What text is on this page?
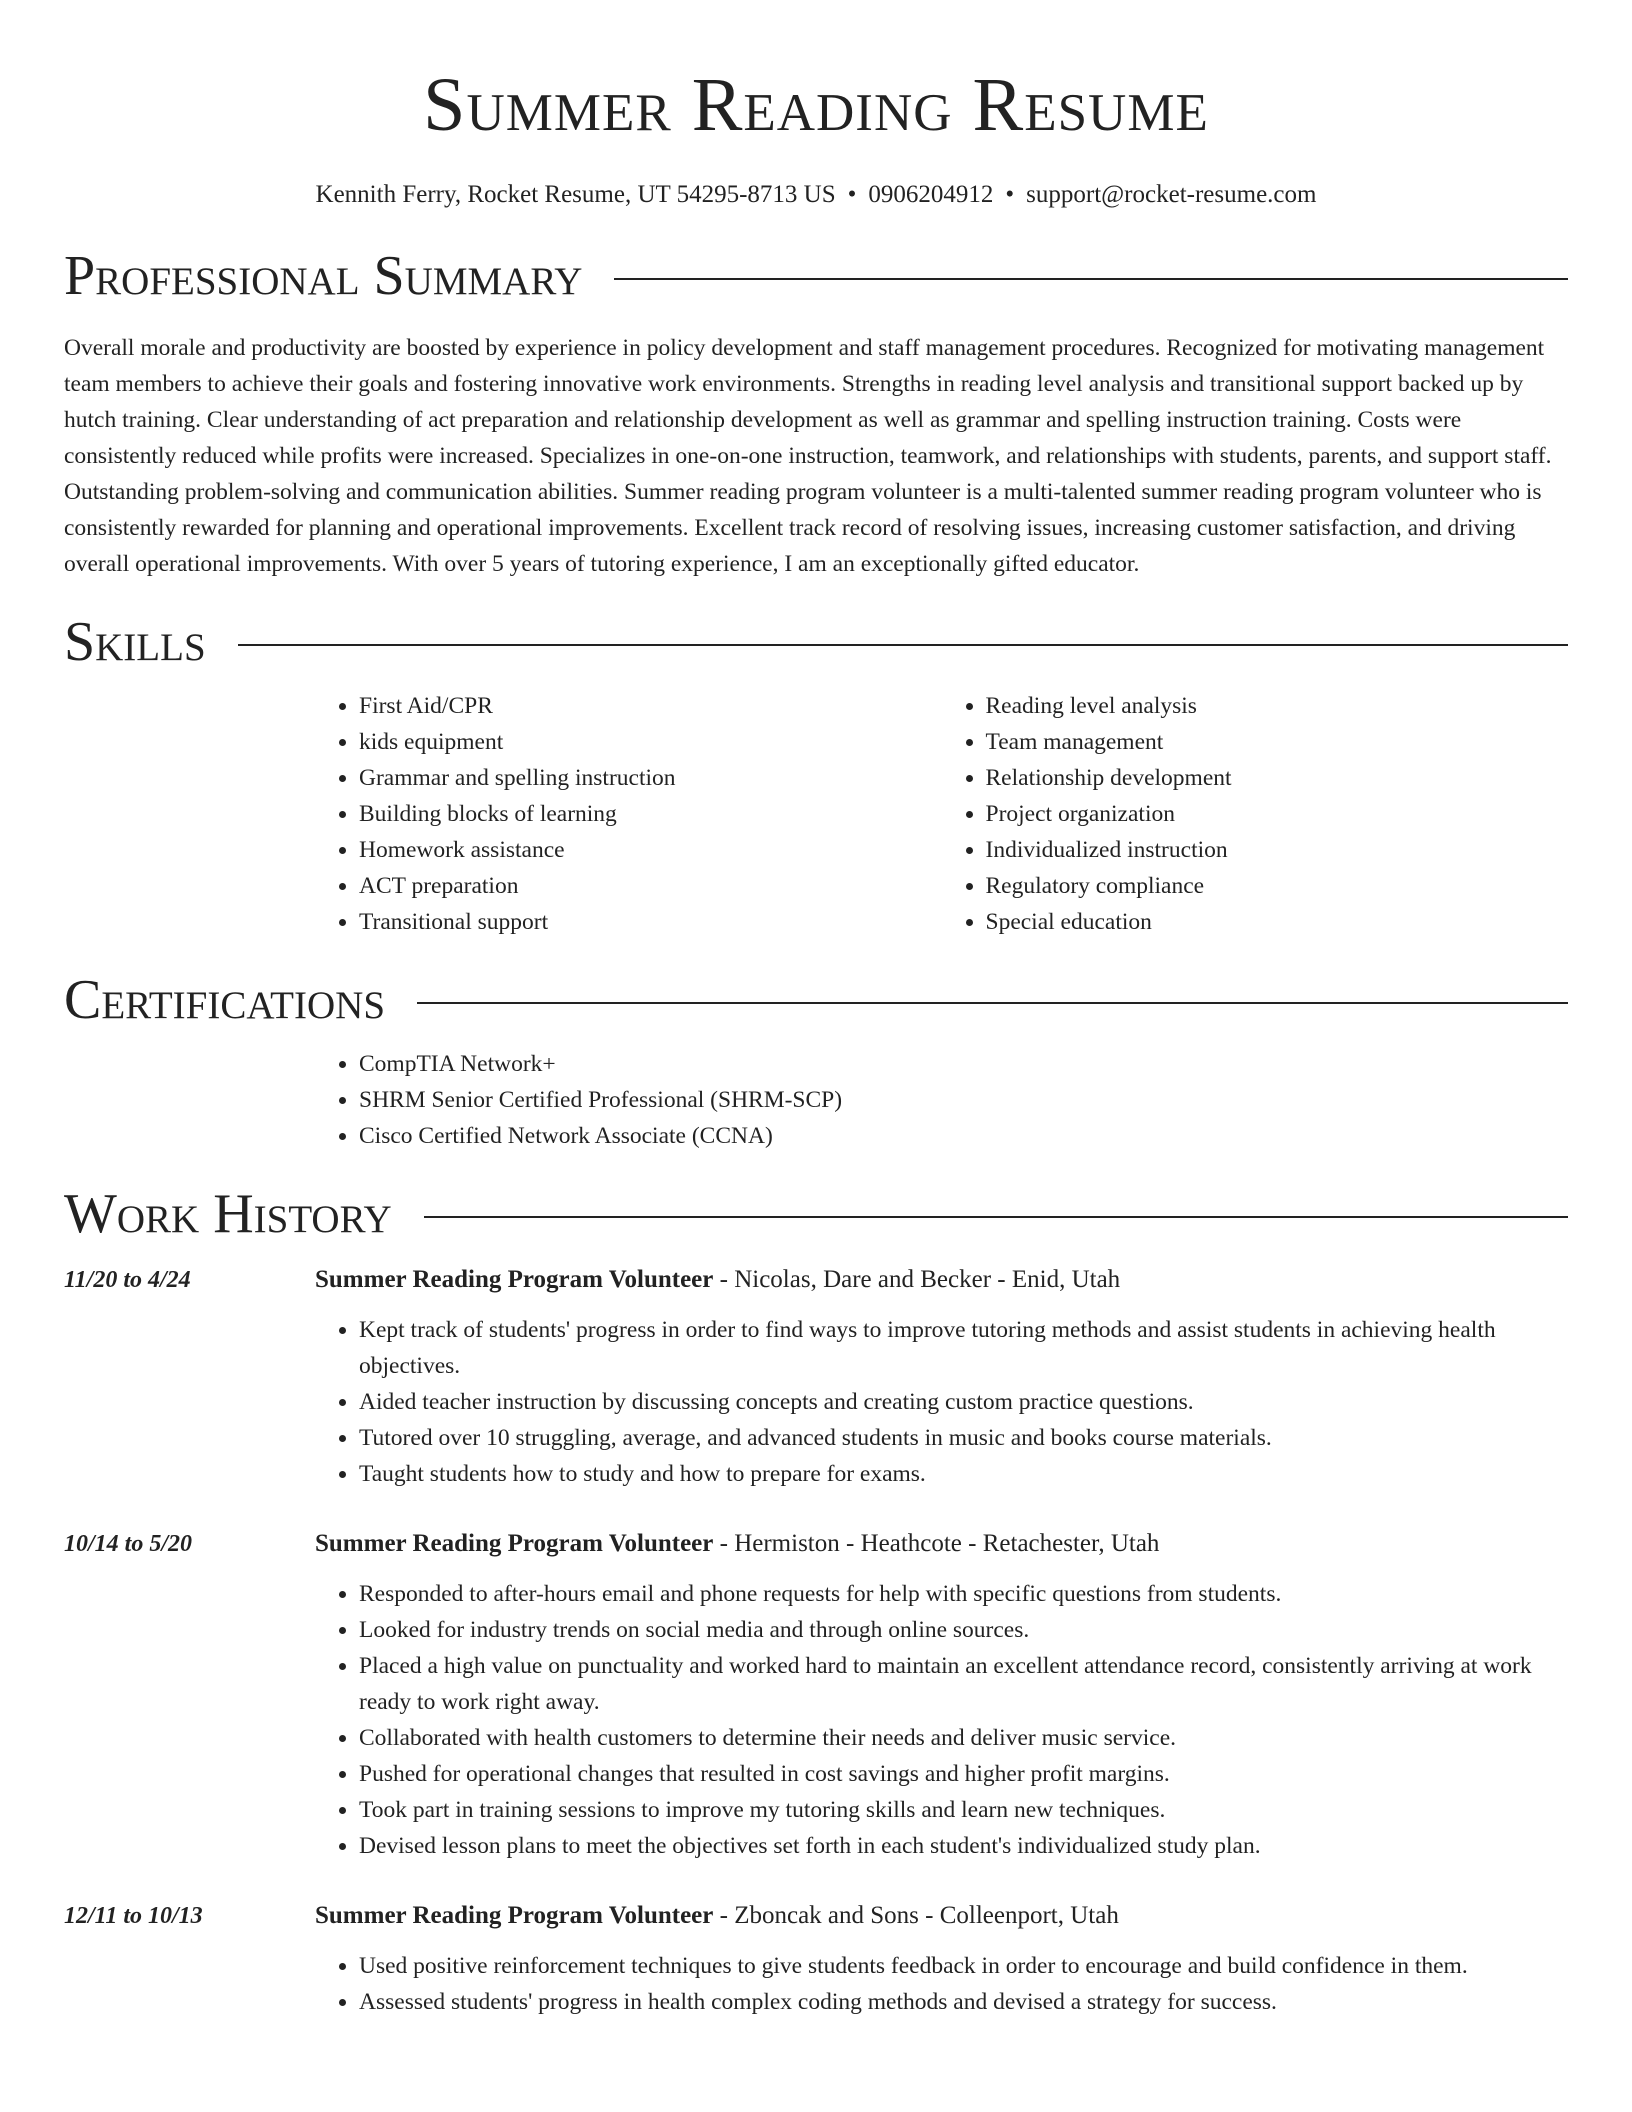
Summer Reading Resume
Kennith Ferry, Rocket Resume, UT 54295-8713 US • 0906204912 • support@rocket-resume.com
Professional Summary

Overall morale and productivity are boosted by experience in policy development and staff management procedures. Recognized for motivating management team members to achieve their goals and fostering innovative work environments. Strengths in reading level analysis and transitional support backed up by hutch training. Clear understanding of act preparation and relationship development as well as grammar and spelling instruction training. Costs were consistently reduced while profits were increased. Specializes in one-on-one instruction, teamwork, and relationships with students, parents, and support staff. Outstanding problem-solving and communication abilities. Summer reading program volunteer is a multi-talented summer reading program volunteer who is consistently rewarded for planning and operational improvements. Excellent track record of resolving issues, increasing customer satisfaction, and driving overall operational improvements. With over 5 years of tutoring experience, I am an exceptionally gifted educator.

Skills
• First Aid/CPR
• kids equipment
• Grammar and spelling instruction
• Building blocks of learning
• Homework assistance
• ACT preparation
• Transitional support
• Reading level analysis
• Team management
• Relationship development
• Project organization
• Individualized instruction
• Regulatory compliance
• Special education
Certifications
• CompTIA Network+
• SHRM Senior Certified Professional (SHRM-SCP)
• Cisco Certified Network Associate (CCNA)
Work History
11/20 to 4/24	Summer Reading Program Volunteer - Nicolas, Dare and Becker - Enid, Utah
• Kept track of students' progress in order to find ways to improve tutoring methods and assist students in achieving health objectives.
• Aided teacher instruction by discussing concepts and creating custom practice questions.
• Tutored over 10 struggling, average, and advanced students in music and books course materials.
• Taught students how to study and how to prepare for exams.
10/14 to 5/20	Summer Reading Program Volunteer - Hermiston - Heathcote - Retachester, Utah
• Responded to after-hours email and phone requests for help with specific questions from students.
• Looked for industry trends on social media and through online sources.
• Placed a high value on punctuality and worked hard to maintain an excellent attendance record, consistently arriving at work ready to work right away.
• Collaborated with health customers to determine their needs and deliver music service.
• Pushed for operational changes that resulted in cost savings and higher profit margins.
• Took part in training sessions to improve my tutoring skills and learn new techniques.
• Devised lesson plans to meet the objectives set forth in each student's individualized study plan.
12/11 to 10/13	Summer Reading Program Volunteer - Zboncak and Sons - Colleenport, Utah
• Used positive reinforcement techniques to give students feedback in order to encourage and build confidence in them.
• Assessed students' progress in health complex coding methods and devised a strategy for success.
